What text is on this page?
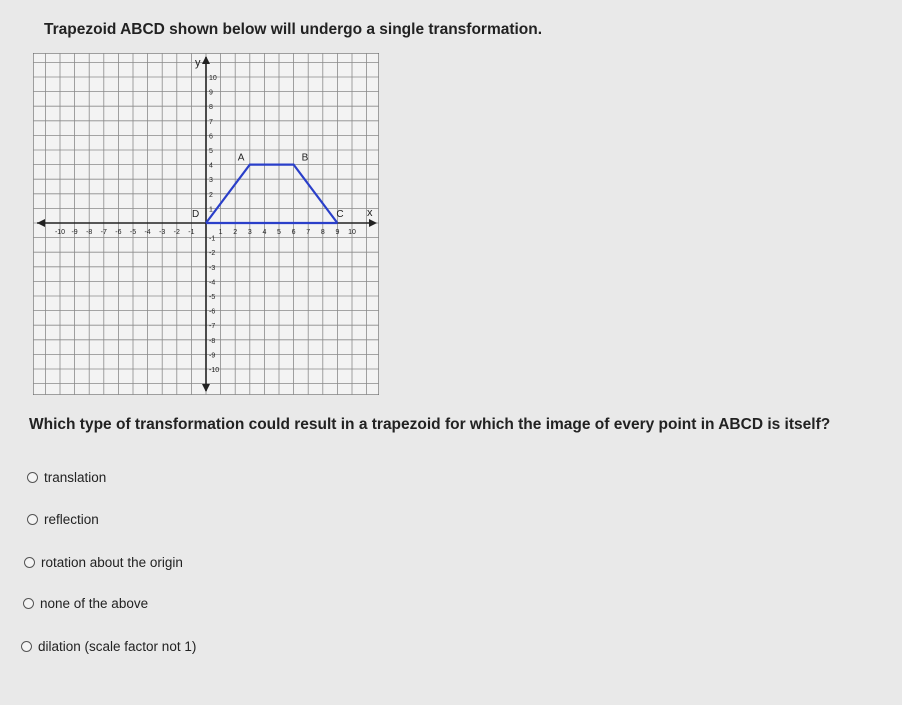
Trapezoid ABCD shown below will undergo a single transformation.
y
x
-10 -9 -8 -7 -6 -5 -4 -3 -2 -1	1 2 3 4 5 6 7 8 9 10
10
9
8
7
6
5
4
3
2
1
-1
-2
-3
-4
-5
-6
-7
-8
-9
-10
D
A	B
C
Which type of transformation could result in a trapezoid for which the image of every point in ABCD is itself?
translation
reflection
rotation about the origin
none of the above
dilation (scale factor not 1)
